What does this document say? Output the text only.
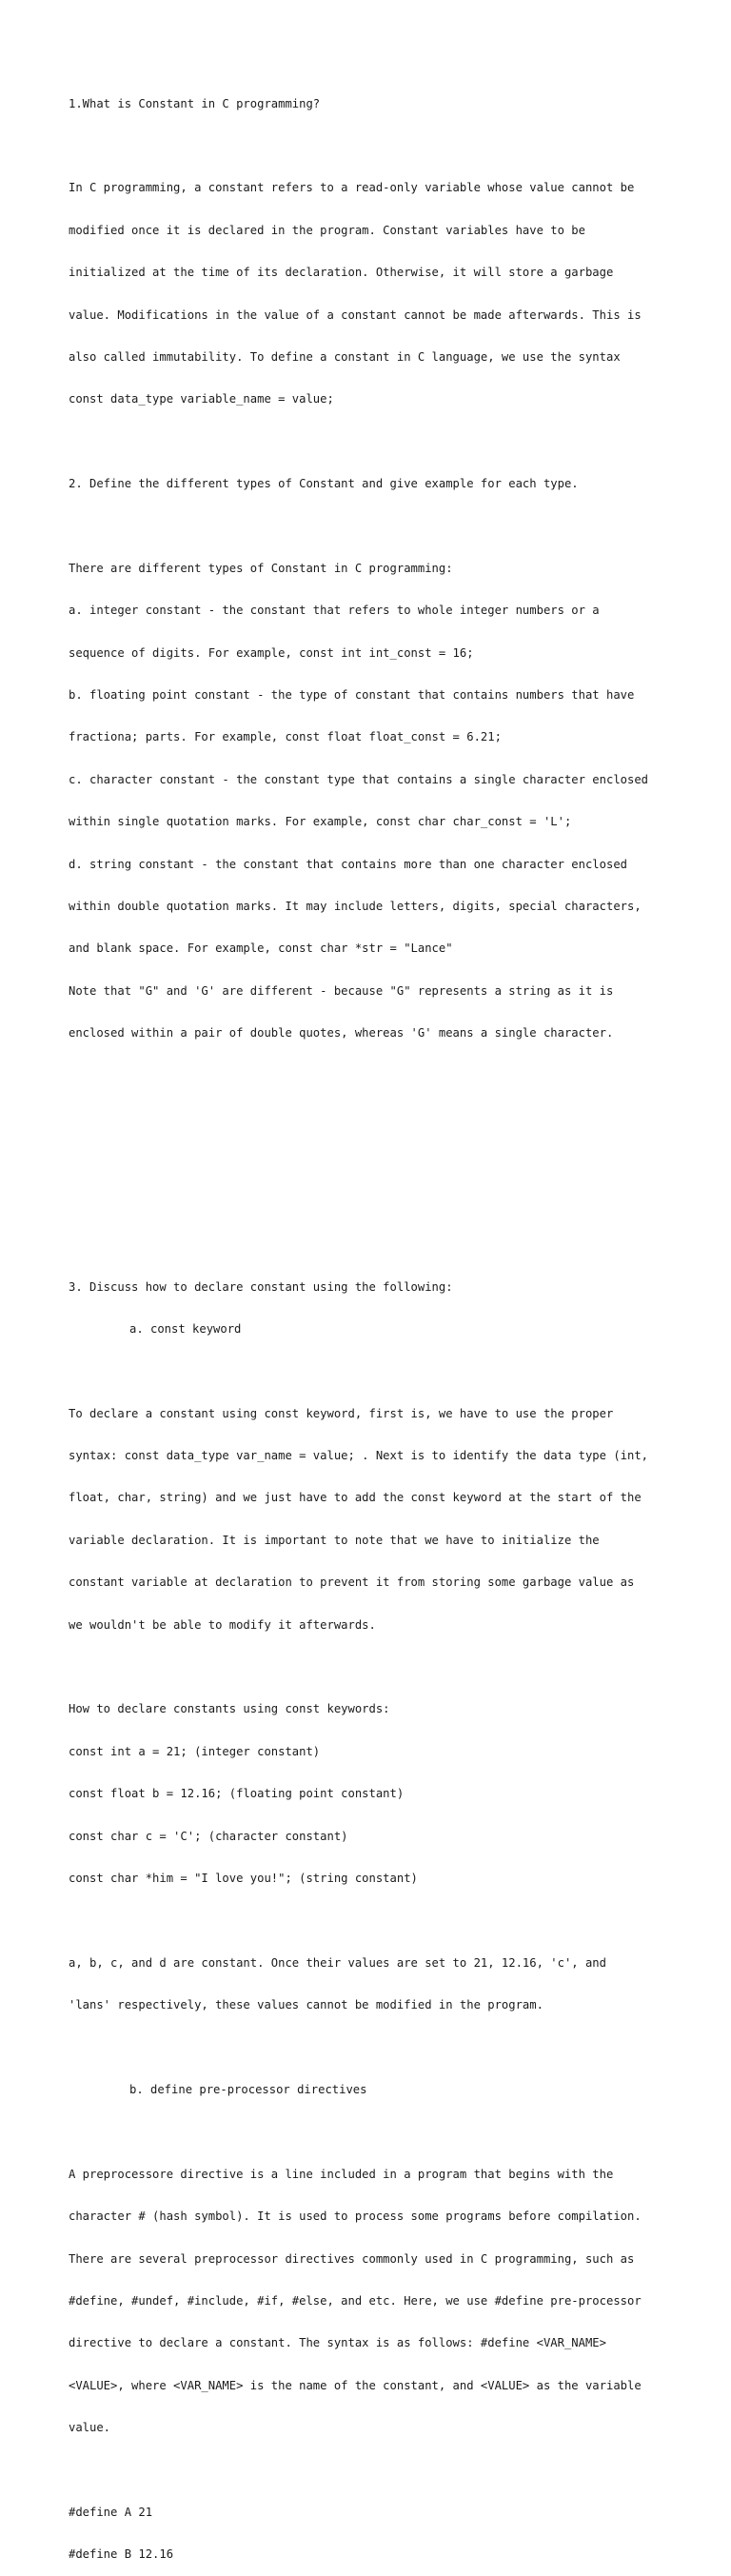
1.What is Constant in C programming?

In C programming, a constant refers to a read-only variable whose value cannot be

modified once it is declared in the program. Constant variables have to be

initialized at the time of its declaration. Otherwise, it will store a garbage

value. Modifications in the value of a constant cannot be made afterwards. This is

also called immutability. To define a constant in C language, we use the syntax

const data_type variable_name = value;

2. Define the different types of Constant and give example for each type.

There are different types of Constant in C programming:

a. integer constant - the constant that refers to whole integer numbers or a

sequence of digits. For example, const int int_const = 16;

b. floating point constant - the type of constant that contains numbers that have

fractiona; parts. For example, const float float_const = 6.21;

c. character constant - the constant type that contains a single character enclosed

within single quotation marks. For example, const char char_const = 'L';

d. string constant - the constant that contains more than one character enclosed

within double quotation marks. It may include letters, digits, special characters,

and blank space. For example, const char *str = "Lance"

Note that "G" and 'G' are different - because "G" represents a string as it is

enclosed within a pair of double quotes, whereas 'G' means a single character.

3. Discuss how to declare constant using the following:

a. const keyword

To declare a constant using const keyword, first is, we have to use the proper

syntax: const data_type var_name = value; . Next is to identify the data type (int,

float, char, string) and we just have to add the const keyword at the start of the

variable declaration. It is important to note that we have to initialize the

constant variable at declaration to prevent it from storing some garbage value as

we wouldn't be able to modify it afterwards.

How to declare constants using const keywords:

const int a = 21; (integer constant)

const float b = 12.16; (floating point constant)

const char c = 'C'; (character constant)

const char *him = "I love you!"; (string constant)

a, b, c, and d are constant. Once their values are set to 21, 12.16, 'c', and

'lans' respectively, these values cannot be modified in the program.

b. define pre-processor directives

A preprocessore directive is a line included in a program that begins with the

character # (hash symbol). It is used to process some programs before compilation.

There are several preprocessor directives commonly used in C programming, such as

#define, #undef, #include, #if, #else, and etc. Here, we use #define pre-processor

directive to declare a constant. The syntax is as follows: #define <VAR_NAME>

<VALUE>, where <VAR_NAME> is the name of the constant, and <VALUE> as the variable

value.

#define A 21

#define B 12.16
